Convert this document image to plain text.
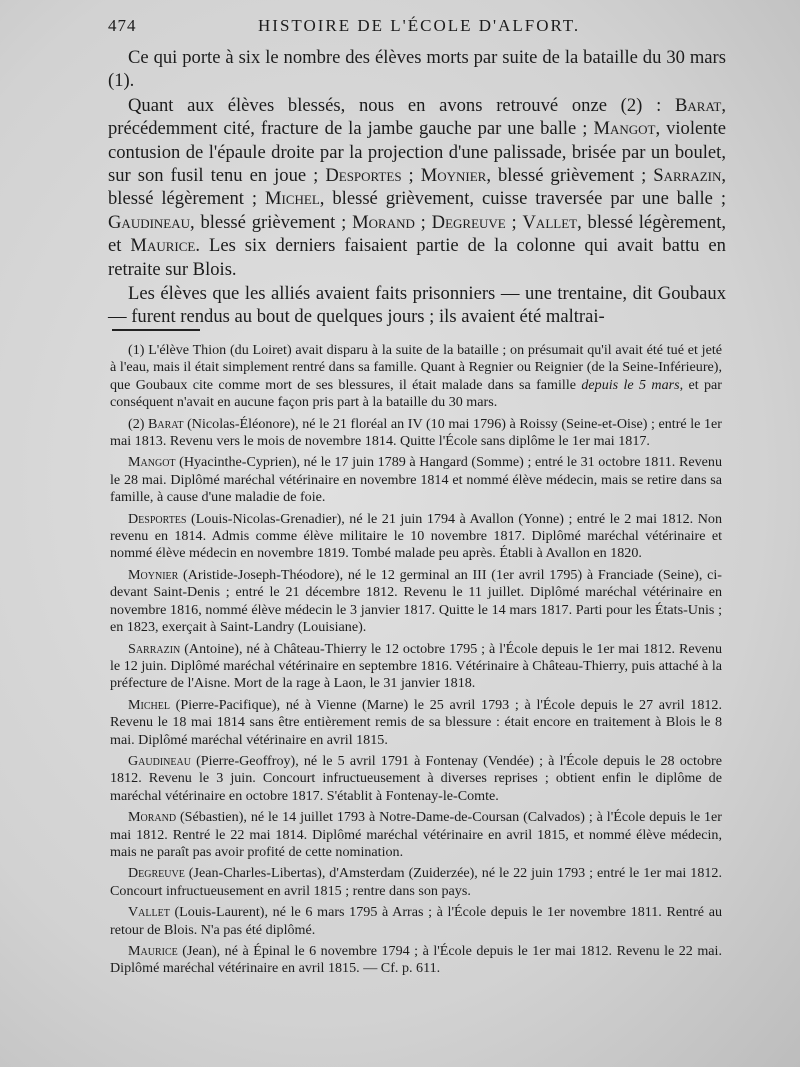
474	HISTOIRE DE L'ÉCOLE D'ALFORT.

Ce qui porte à six le nombre des élèves morts par suite de la bataille du 30 mars (1).

Quant aux élèves blessés, nous en avons retrouvé onze (2) : Barat, précédemment cité, fracture de la jambe gauche par une balle ; Mangot, violente contusion de l'épaule droite par la projection d'une palissade, brisée par un boulet, sur son fusil tenu en joue ; Desportes ; Moynier, blessé grièvement ; Sarrazin, blessé légèrement ; Michel, blessé grièvement, cuisse traversée par une balle ; Gaudineau, blessé grièvement ; Morand ; Degreuve ; Vallet, blessé légèrement, et Maurice. Les six derniers faisaient partie de la colonne qui avait battu en retraite sur Blois.

Les élèves que les alliés avaient faits prisonniers — une trentaine, dit Goubaux — furent rendus au bout de quelques jours ; ils avaient été maltrai-

(1) L'élève Thion (du Loiret) avait disparu à la suite de la bataille ; on présumait qu'il avait été tué et jeté à l'eau, mais il était simplement rentré dans sa famille. Quant à Regnier ou Reignier (de la Seine-Inférieure), que Goubaux cite comme mort de ses blessures, il était malade dans sa famille depuis le 5 mars, et par conséquent n'avait en aucune façon pris part à la bataille du 30 mars.

(2) Barat (Nicolas-Éléonore), né le 21 floréal an IV (10 mai 1796) à Roissy (Seine-et-Oise) ; entré le 1er mai 1813. Revenu vers le mois de novembre 1814. Quitte l'École sans diplôme le 1er mai 1817.

Mangot (Hyacinthe-Cyprien), né le 17 juin 1789 à Hangard (Somme) ; entré le 31 octobre 1811. Revenu le 28 mai. Diplômé maréchal vétérinaire en novembre 1814 et nommé élève médecin, mais se retire dans sa famille, à cause d'une maladie de foie.

Desportes (Louis-Nicolas-Grenadier), né le 21 juin 1794 à Avallon (Yonne) ; entré le 2 mai 1812. Non revenu en 1814. Admis comme élève militaire le 10 novembre 1817. Diplômé maréchal vétérinaire et nommé élève médecin en novembre 1819. Tombé malade peu après. Établi à Avallon en 1820.

Moynier (Aristide-Joseph-Théodore), né le 12 germinal an III (1er avril 1795) à Franciade (Seine), ci-devant Saint-Denis ; entré le 21 décembre 1812. Revenu le 11 juillet. Diplômé maréchal vétérinaire en novembre 1816, nommé élève médecin le 3 janvier 1817. Quitte le 14 mars 1817. Parti pour les États-Unis ; en 1823, exerçait à Saint-Landry (Louisiane).

Sarrazin (Antoine), né à Château-Thierry le 12 octobre 1795 ; à l'École depuis le 1er mai 1812. Revenu le 12 juin. Diplômé maréchal vétérinaire en septembre 1816. Vétérinaire à Château-Thierry, puis attaché à la préfecture de l'Aisne. Mort de la rage à Laon, le 31 janvier 1818.

Michel (Pierre-Pacifique), né à Vienne (Marne) le 25 avril 1793 ; à l'École depuis le 27 avril 1812. Revenu le 18 mai 1814 sans être entièrement remis de sa blessure : était encore en traitement à Blois le 8 mai. Diplômé maréchal vétérinaire en avril 1815.

Gaudineau (Pierre-Geoffroy), né le 5 avril 1791 à Fontenay (Vendée) ; à l'École depuis le 28 octobre 1812. Revenu le 3 juin. Concourt infructueusement à diverses reprises ; obtient enfin le diplôme de maréchal vétérinaire en octobre 1817. S'établit à Fontenay-le-Comte.

Morand (Sébastien), né le 14 juillet 1793 à Notre-Dame-de-Coursan (Calvados) ; à l'École depuis le 1er mai 1812. Rentré le 22 mai 1814. Diplômé maréchal vétérinaire en avril 1815, et nommé élève médecin, mais ne paraît pas avoir profité de cette nomination.

Degreuve (Jean-Charles-Libertas), d'Amsterdam (Zuiderzée), né le 22 juin 1793 ; entré le 1er mai 1812. Concourt infructueusement en avril 1815 ; rentre dans son pays.

Vallet (Louis-Laurent), né le 6 mars 1795 à Arras ; à l'École depuis le 1er novembre 1811. Rentré au retour de Blois. N'a pas été diplômé.

Maurice (Jean), né à Épinal le 6 novembre 1794 ; à l'École depuis le 1er mai 1812. Revenu le 22 mai. Diplômé maréchal vétérinaire en avril 1815. — Cf. p. 611.
